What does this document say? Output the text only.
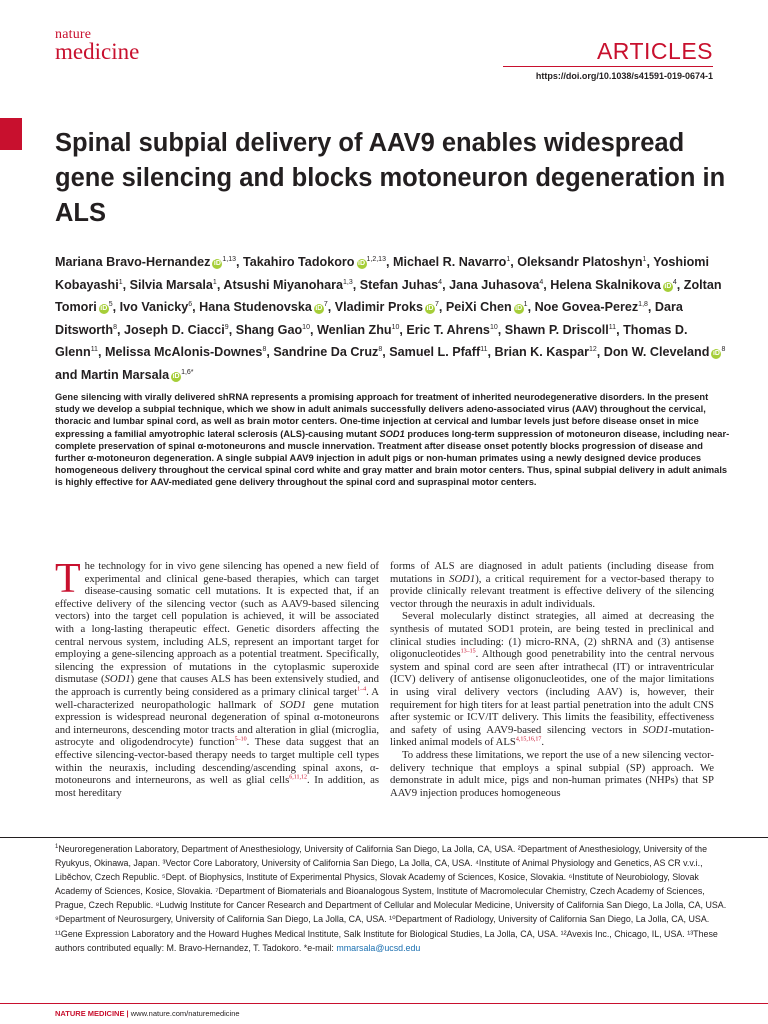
nature
medicine	ARTICLES
https://doi.org/10.1038/s41591-019-0674-1
Spinal subpial delivery of AAV9 enables widespread gene silencing and blocks motoneuron degeneration in ALS

Mariana Bravo-Hernandez iD$^{1,13}$, Takahiro Tadokoro iD$^{1,2,13}$, Michael R. Navarro$^1$, Oleksandr Platoshyn$^1$, Yoshiomi Kobayashi$^1$, Silvia Marsala$^1$, Atsushi Miyanohara$^{1,3}$, Stefan Juhas$^4$, Jana Juhasova$^4$, Helena Skalnikova $iD^4$, Zoltan Tomori $iD^5$, Ivo Vanicky$^6$, Hana Studenovska $iD^7$, Vladimir Proks $iD^7$, PeiXi Chen $iD^1$, Noe Govea-Perez$^{1,8}$, Dara Ditsworth$^8$, Joseph D. Ciacci$^9$, Shang Gao$^{10}$, Wenlian Zhu$^{10}$, Eric T. Ahrens$^{10}$, Shawn P. Driscoll$^{11}$, Thomas D. Glenn$^{11}$, Melissa McAlonis-Downes$^8$, Sandrine Da Cruz$^8$, Samuel L. Pfaff$^{11}$, Brian K. Kaspar$^{12}$, Don W. Cleveland $iD^8$ and Martin Marsala $iD^{1,6*}$

Gene silencing with virally delivered shRNA represents a promising approach for treatment of inherited neurodegenerative disorders. In the present study we develop a subpial technique, which we show in adult animals successfully delivers adeno-associated virus (AAV) throughout the cervical, thoracic and lumbar spinal cord, as well as brain motor centers. One-time injection at cervical and lumbar levels just before disease onset in mice expressing a familial amyotrophic lateral sclerosis (ALS)-causing mutant SOD1 produces long-term suppression of motoneuron disease, including near-complete preservation of spinal α-motoneurons and muscle innervation. Treatment after disease onset potently blocks progression of disease and further α-motoneuron degeneration. A single subpial AAV9 injection in adult pigs or non-human primates using a newly designed device produces homogeneous delivery throughout the cervical spinal cord white and gray matter and brain motor centers. Thus, spinal subpial delivery in adult animals is highly effective for AAV-mediated gene delivery throughout the spinal cord and supraspinal motor centers.

The technology for in vivo gene silencing has opened a new field of experimental and clinical gene-based therapies, which can target disease-causing somatic cell mutations. It is expected that, if an effective delivery of the silencing vector (such as AAV9-based silencing vectors) into the target cell population is achieved, it will be associated with a long-lasting therapeutic effect. Genetic disorders affecting the central nervous system, including ALS, represent an important target for employing a gene-silencing approach as a potential treatment. Specifically, silencing the expression of mutations in the cytoplasmic superoxide dismutase (SOD1) gene that causes ALS has been extensively studied, and the approach is currently being considered as a primary clinical target$^{1-4}$. A well-characterized neuropathologic hallmark of SOD1 gene mutation expression is widespread neuronal degeneration of spinal α-motoneurons and interneurons, descending motor tracts and alteration in glial (microglia, astrocyte and oligodendrocyte) function$^{5-10}$. These data suggest that an effective silencing-vector-based therapy needs to target multiple cell types within the neuraxis, including descending/ascending spinal axons, α-motoneurons and interneurons, as well as glial cells$^{6,11,12}$. In addition, as most hereditary

forms of ALS are diagnosed in adult patients (including disease from mutations in SOD1), a critical requirement for a vector-based therapy to provide clinically relevant treatment is effective delivery of the silencing vector through the neuraxis in adult individuals.

Several molecularly distinct strategies, all aimed at decreasing the synthesis of mutated SOD1 protein, are being tested in preclinical and clinical studies including: (1) micro-RNA, (2) shRNA and (3) antisense oligonucleotides$^{13-15}$. Although good penetrability into the central nervous system and spinal cord are seen after intrathecal (IT) or intraventricular (ICV) delivery of antisense oligonucleotides, one of the major limitations in using viral delivery vectors (including AAV) is, however, their requirement for high titers for at least partial penetration into the adult CNS after systemic or ICV/IT delivery. This limits the feasibility, effectiveness and safety of using AAV9-based silencing vectors in SOD1-mutation-linked animal models of ALS$^{4,15,16,17}$.

To address these limitations, we report the use of a new silencing vector-delivery technique that employs a spinal subpial (SP) approach. We demonstrate in adult mice, pigs and non-human primates (NHPs) that SP AAV9 injection produces homogeneous

$^1$Neuroregeneration Laboratory, Department of Anesthesiology, University of California San Diego, La Jolla, CA, USA. ²Department of Anesthesiology, University of the Ryukyus, Okinawa, Japan. ³Vector Core Laboratory, University of California San Diego, La Jolla, CA, USA. ⁴Institute of Animal Physiology and Genetics, AS CR v.v.i., Libĕchov, Czech Republic. ⁵Dept. of Biophysics, Institute of Experimental Physics, Slovak Academy of Sciences, Kosice, Slovakia. ⁶Institute of Neurobiology, Slovak Academy of Sciences, Kosice, Slovakia. ⁷Department of Biomaterials and Bioanalogous System, Institute of Macromolecular Chemistry, Czech Academy of Sciences, Prague, Czech Republic. ⁸Ludwig Institute for Cancer Research and Department of Cellular and Molecular Medicine, University of California San Diego, La Jolla, CA, USA. ⁹Department of Neurosurgery, University of California San Diego, La Jolla, CA, USA. ¹⁰Department of Radiology, University of California San Diego, La Jolla, CA, USA. ¹¹Gene Expression Laboratory and the Howard Hughes Medical Institute, Salk Institute for Biological Studies, La Jolla, CA, USA. ¹²Avexis Inc., Chicago, IL, USA. ¹³These authors contributed equally: M. Bravo-Hernandez, T. Tadokoro. *e-mail: mmarsala@ucsd.edu

NATURE MEDICINE | www.nature.com/naturemedicine
